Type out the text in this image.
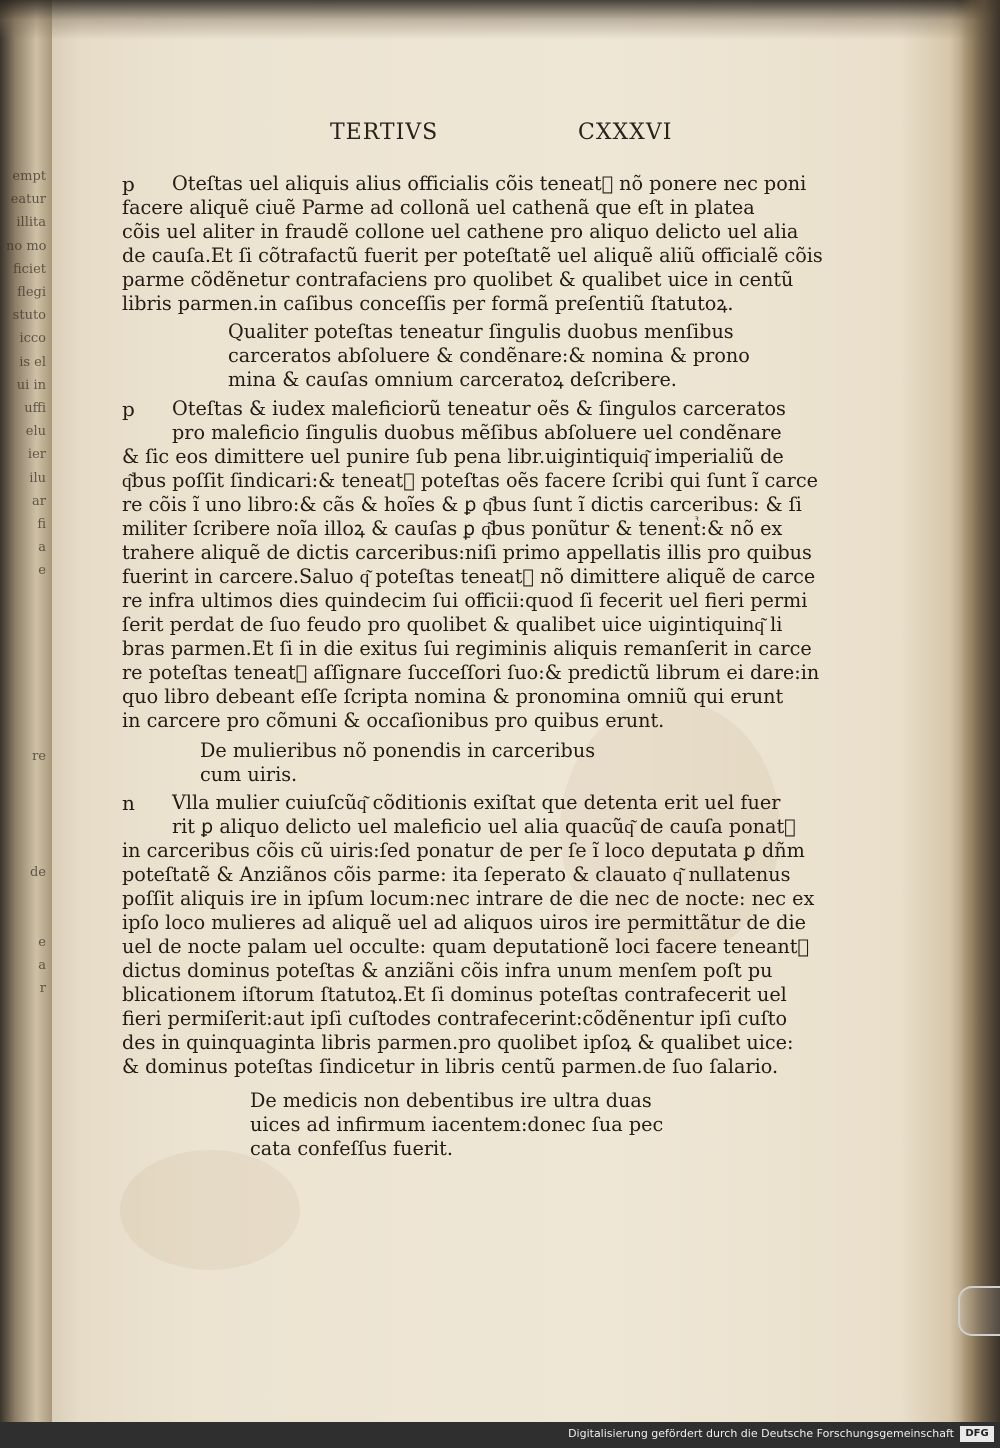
empt
eatur
illita
no mo
ficiet
flegi
stuto
icco
is el
ui in
uffi
elu
ier
ilu
ar
fi
a
e

re

de

e
a
r

TERTIVS	CXXXVI
p Oteſtas uel aliquis alius officialis cõis teneatᷣ nõ ponere nec poni
facere aliquẽ ciuẽ Parme ad collonã uel cathenã que eſt in platea
cõis uel aliter in fraudẽ collone uel cathene pro aliquo delicto uel alia
de cauſa.Et ſi cõtrafactũ fuerit per poteſtatẽ uel aliquẽ aliũ officialẽ cõis
parme cõdẽnetur contrafaciens pro quolibet & qualibet uice in centũ
libris parmen.in caſibus conceſſis per formã preſentiũ ſtatutoꝝ.
Qualiter poteſtas teneatur ſingulis duobus menſibus
carceratos abſoluere & condẽnare:& nomina & prono
mina & cauſas omnium carceratoꝝ deſcribere.
p Oteſtas & iudex maleficiorũ teneatur oẽs & ſingulos carceratos
pro maleficio ſingulis duobus mẽſibus abſoluere uel condẽnare
& ſic eos dimittere uel punire ſub pena libr.uigintiquiq͂ imperialiũ de
q͂bus poſſit ſindicari:& teneatᷣ poteſtas oẽs facere ſcribi qui ſunt ĩ carce
re cõis ĩ uno libro:& cãs & hoĩes & ꝑ q͂bus ſunt ĩ dictis carceribus: & ſi
militer ſcribere noĩa illoꝝ & cauſas ꝑ q͂bus ponũtur & tenentᷣ:& nõ ex
trahere aliquẽ de dictis carceribus:niſi primo appellatis illis pro quibus
fuerint in carcere.Saluo q͂ poteſtas teneatᷣ nõ dimittere aliquẽ de carce
re infra ultimos dies quindecim ſui officii:quod ſi fecerit uel fieri permi
ſerit perdat de ſuo feudo pro quolibet & qualibet uice uigintiquinq͂ li
bras parmen.Et ſi in die exitus ſui regiminis aliquis remanſerit in carce
re poteſtas teneatᷣ aſſignare ſucceſſori ſuo:& predictũ librum ei dare:in
quo libro debeant eſſe ſcripta nomina & pronomina omniũ qui erunt
in carcere pro cõmuni & occaſionibus pro quibus erunt.
De mulieribus nõ ponendis in carceribus
cum uiris.
n Vlla mulier cuiuſcũq͂ cõditionis exiſtat que detenta erit uel fuer
rit ꝑ aliquo delicto uel maleficio uel alia quacũq͂ de cauſa ponatᷣ
in carceribus cõis cũ uiris:ſed ponatur de per ſe ĩ loco deputata ꝑ dñm
poteſtatẽ & Anziãnos cõis parme: ita ſeperato & clauato q͂ nullatenus
poſſit aliquis ire in ipſum locum:nec intrare de die nec de nocte: nec ex
ipſo loco mulieres ad aliquẽ uel ad aliquos uiros ire permittãtur de die
uel de nocte palam uel occulte: quam deputationẽ loci facere teneantᷣ
dictus dominus poteſtas & anziãni cõis infra unum menſem poſt pu
blicationem iſtorum ſtatutoꝝ.Et ſi dominus poteſtas contrafecerit uel
fieri permiſerit:aut ipſi cuſtodes contrafecerint:cõdẽnentur ipſi cuſto
des in quinquaginta libris parmen.pro quolibet ipſoꝝ & qualibet uice:
& dominus poteſtas ſindicetur in libris centũ parmen.de ſuo ſalario.
De medicis non debentibus ire ultra duas
uices ad infirmum iacentem:donec ſua pec
cata confeſſus fuerit.
Digitalisierung gefördert durch die Deutsche Forschungsgemeinschaft	DFG
